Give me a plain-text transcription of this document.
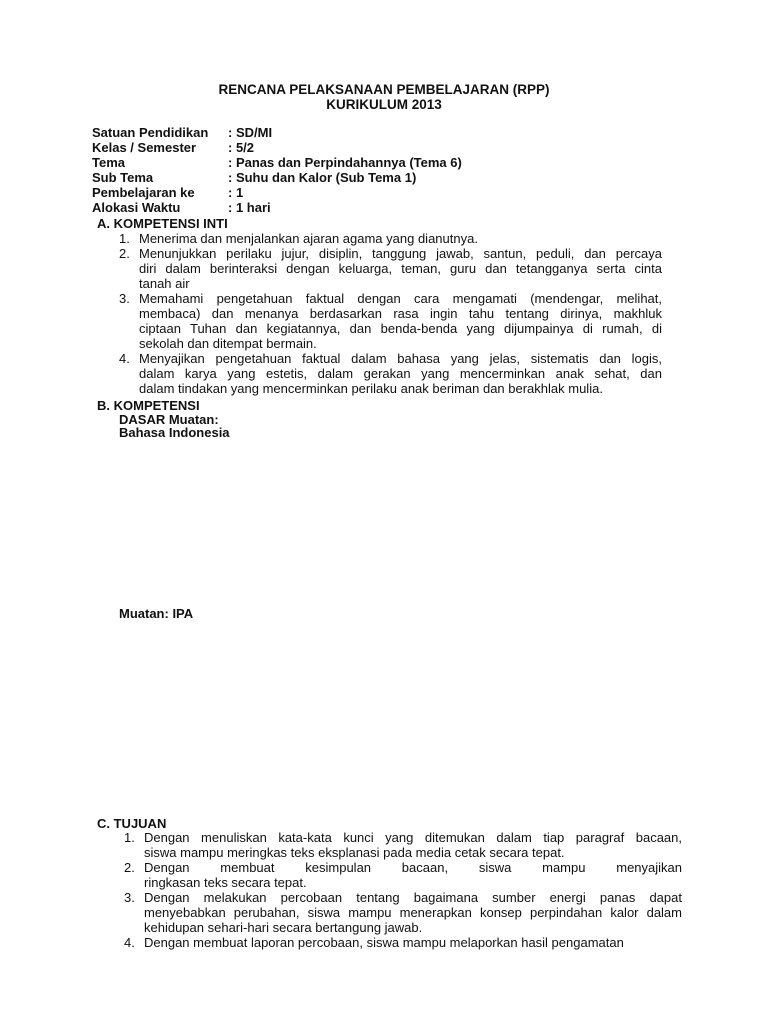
RENCANA PELAKSANAAN PEMBELAJARAN (RPP)
KURIKULUM 2013
Satuan Pendidikan : SD/MI
Kelas / Semester : 5/2
Tema	: Panas dan Perpindahannya (Tema 6)
Sub Tema	: Suhu dan Kalor (Sub Tema 1)
Pembelajaran ke	: 1
Alokasi Waktu	: 1 hari
A. KOMPETENSI INTI
1. Menerima dan menjalankan ajaran agama yang dianutnya.
2. Menunjukkan perilaku jujur, disiplin, tanggung jawab, santun, peduli, dan percaya
diri dalam berinteraksi dengan keluarga, teman, guru dan tetangganya serta cinta
tanah air
3. Memahami pengetahuan faktual dengan cara mengamati (mendengar, melihat,
membaca) dan menanya berdasarkan rasa ingin tahu tentang dirinya, makhluk
ciptaan Tuhan dan kegiatannya, dan benda-benda yang dijumpainya di rumah, di
sekolah dan ditempat bermain.
4. Menyajikan pengetahuan faktual dalam bahasa yang jelas, sistematis dan logis,
dalam karya yang estetis, dalam gerakan yang mencerminkan anak sehat, dan
dalam tindakan yang mencerminkan perilaku anak beriman dan berakhlak mulia.
B. KOMPETENSI
DASAR Muatan:
Bahasa Indonesia
Muatan: IPA
C. TUJUAN
1. Dengan menuliskan kata-kata kunci yang ditemukan dalam tiap paragraf bacaan,
siswa mampu meringkas teks eksplanasi pada media cetak secara tepat.
2. Dengan membuat kesimpulan bacaan, siswa mampu menyajikan
ringkasan teks secara tepat.
3. Dengan melakukan percobaan tentang bagaimana sumber energi panas dapat
menyebabkan perubahan, siswa mampu menerapkan konsep perpindahan kalor dalam
kehidupan sehari-hari secara bertangung jawab.
4. Dengan membuat laporan percobaan, siswa mampu melaporkan hasil pengamatan
